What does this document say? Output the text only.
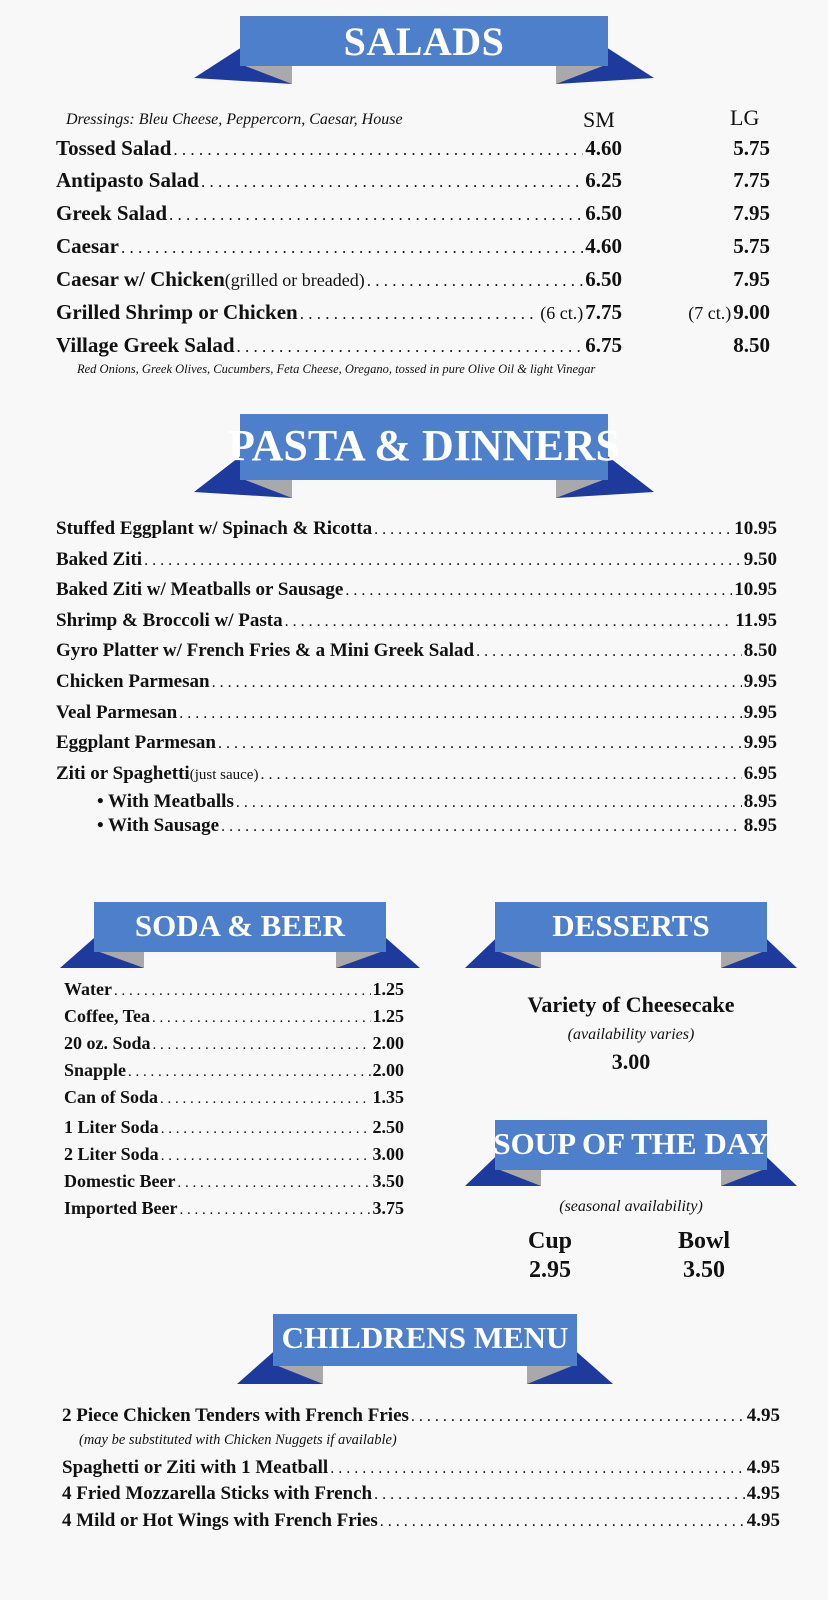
SALADS
Dressings: Bleu Cheese, Peppercorn, Caesar, House	SM	LG
Tossed Salad . . .	4.60	5.75
Antipasto Salad . . .	6.25	7.75
Greek Salad . . .	6.50	7.95
Caesar . . .	4.60	5.75
Caesar w/ Chicken (grilled or breaded) . . .	6.50	7.95
Grilled Shrimp or Chicken . . .	(6 ct.) 7.75	(7 ct.)9.00
Village Greek Salad . . .	6.75	8.50
Red Onions, Greek Olives, Cucumbers, Feta Cheese, Oregano, tossed in pure Olive Oil & light Vinegar
PASTA & DINNERS
Stuffed Eggplant w/ Spinach & Ricotta . . .	10.95
Baked Ziti . . .	9.50
Baked Ziti w/ Meatballs or Sausage . . .	10.95
Shrimp & Broccoli w/ Pasta . . .	11.95
Gyro Platter w/ French Fries & a Mini Greek Salad . . .	8.50
Chicken Parmesan . . .	9.95
Veal Parmesan . . .	9.95
Eggplant Parmesan . . .	9.95
Ziti or Spaghetti (just sauce) . . .	6.95
• With Meatballs . . .	8.95
• With Sausage . . .	8.95
SODA & BEER
Water . . .	1.25
Coffee, Tea . . .	1.25
20 oz. Soda . . .	2.00
Snapple . . .	2.00
Can of Soda . . .	1.35
1 Liter Soda . . .	2.50
2 Liter Soda . . .	3.00
Domestic Beer . . .	3.50
Imported Beer . . .	3.75
DESSERTS
Variety of Cheesecake
(availability varies)
3.00
SOUP OF THE DAY
(seasonal availability)
Cup
2.95
Bowl
3.50
CHILDRENS MENU
2 Piece Chicken Tenders with French Fries . . .	4.95
Spaghetti or Ziti with 1 Meatball . . .	4.95
4 Fried Mozzarella Sticks with French . . .	4.95
4 Mild or Hot Wings with French Fries . . .	4.95
(may be substituted with Chicken Nuggets if available)
